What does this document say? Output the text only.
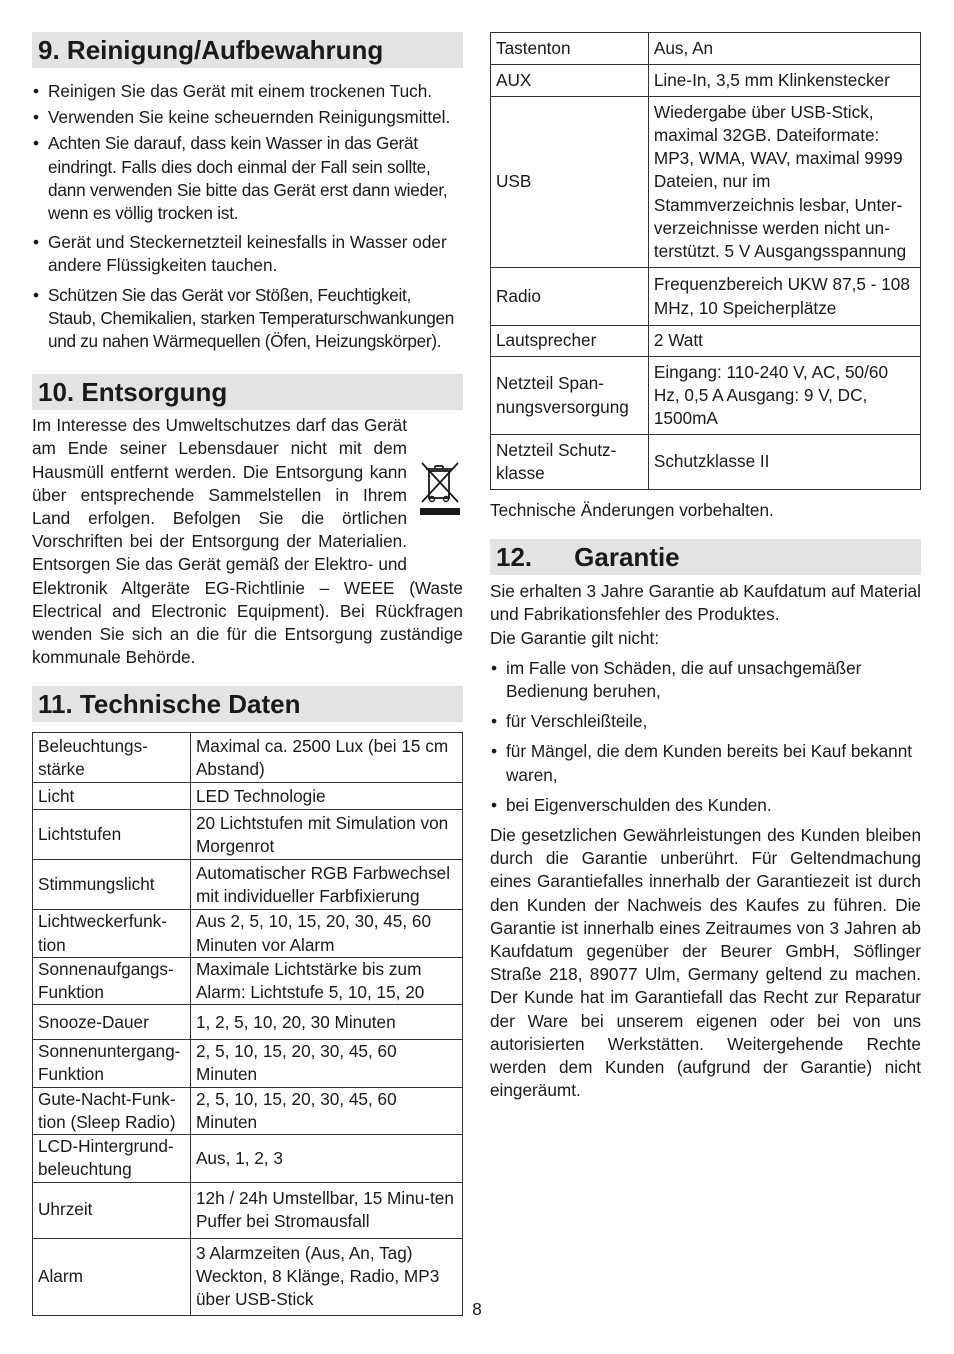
9. Reinigung/Aufbewahrung
• Reinigen Sie das Gerät mit einem trockenen Tuch.
• Verwenden Sie keine scheuernden Reinigungsmittel.
• Achten Sie darauf, dass kein Wasser in das Gerät eindringt. Falls dies doch einmal der Fall sein sollte, dann verwenden Sie bitte das Gerät erst dann wieder, wenn es völlig trocken ist.
• Gerät und Steckernetzteil keinesfalls in Wasser oder andere Flüssigkeiten tauchen.
• Schützen Sie das Gerät vor Stößen, Feuchtigkeit, Staub, Chemikalien, starken Temperaturschwankungen und zu nahen Wärmequellen (Öfen, Heizungskörper).
10. Entsorgung

Im Interesse des Umweltschutzes darf das Gerät am Ende seiner Lebensdauer nicht mit dem Hausmüll entfernt werden. Die Entsorgung kann über entsprechende Sammelstellen in Ihrem Land erfolgen. Befolgen Sie die örtlichen Vorschriften bei der Entsorgung der Materialien. Entsorgen Sie das Gerät gemäß der Elektro- und Elektronik Altgeräte EG-Richtlinie – WEEE (Waste Electrical and Electronic Equipment). Bei Rückfragen wenden Sie sich an die für die Entsorgung zuständige kommunale Behörde.

11. Technische Daten
Beleuchtungs-stärke	Maximal ca. 2500 Lux (bei 15 cm Abstand)
Licht	LED Technologie
Lichtstufen	20 Lichtstufen mit Simulation von Morgenrot
Stimmungslicht	Automatischer RGB Farbwechsel mit individueller Farbfixierung
Lichtweckerfunk-tion	Aus 2, 5, 10, 15, 20, 30, 45, 60 Minuten vor Alarm
Sonnenaufgangs-Funktion	Maximale Lichtstärke bis zum Alarm: Lichtstufe 5, 10, 15, 20
Snooze-Dauer	1, 2, 5, 10, 20, 30 Minuten
Sonnenuntergang-Funktion	2, 5, 10, 15, 20, 30, 45, 60 Minuten
Gute-Nacht-Funk-tion (Sleep Radio)	2, 5, 10, 15, 20, 30, 45, 60 Minuten
LCD-Hintergrund-beleuchtung	Aus, 1, 2, 3
Uhrzeit	12h / 24h Umstellbar, 15 Minu-ten Puffer bei Stromausfall
Alarm	3 Alarmzeiten (Aus, An, Tag) Weckton, 8 Klänge, Radio, MP3 über USB-Stick
Tastenton	Aus, An
AUX	Line-In, 3,5 mm Klinkenstecker
USB	Wiedergabe über USB-Stick, maximal 32GB. Dateiformate: MP3, WMA, WAV, maximal 9999 Dateien, nur im Stammverzeichnis lesbar, Unter-verzeichnisse werden nicht un-terstützt. 5 V Ausgangsspannung
Radio	Frequenzbereich UKW 87,5 - 108 MHz, 10 Speicherplätze
Lautsprecher	2 Watt
Netzteil Span-nungsversorgung	Eingang: 110-240 V, AC, 50/60 Hz, 0,5 A Ausgang: 9 V, DC, 1500mA
Netzteil Schutz-klasse	Schutzklasse II

Technische Änderungen vorbehalten.

12. Garantie

Sie erhalten 3 Jahre Garantie ab Kaufdatum auf Material und Fabrikationsfehler des Produktes.

Die Garantie gilt nicht:

• im Falle von Schäden, die auf unsachgemäßer Bedienung beruhen,
• für Verschleißteile,
• für Mängel, die dem Kunden bereits bei Kauf bekannt waren,
• bei Eigenverschulden des Kunden.

Die gesetzlichen Gewährleistungen des Kunden bleiben durch die Garantie unberührt. Für Geltendmachung eines Garantiefalles innerhalb der Garantiezeit ist durch den Kunden der Nachweis des Kaufes zu führen. Die Garantie ist innerhalb eines Zeitraumes von 3 Jahren ab Kaufdatum gegenüber der Beurer GmbH, Söflinger Straße 218, 89077 Ulm, Germany geltend zu machen. Der Kunde hat im Garantiefall das Recht zur Reparatur der Ware bei unserem eigenen oder bei von uns autorisierten Werkstätten. Weitergehende Rechte werden dem Kunden (aufgrund der Garantie) nicht eingeräumt.

8
